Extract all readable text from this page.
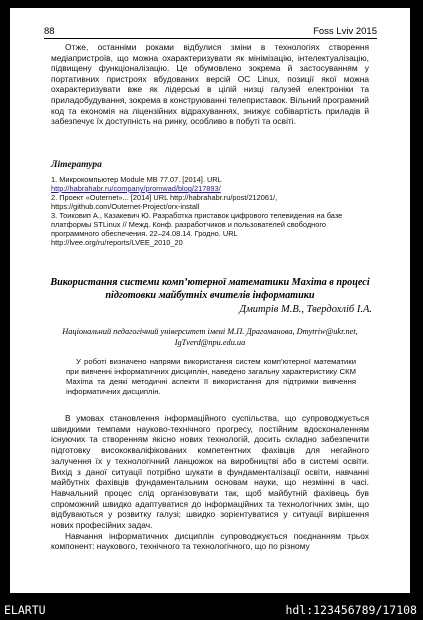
88	Foss Lviv 2015
Отже, останніми роками відбулися зміни в технологіях створення медіапристроїв, що можна охарактеризувати як мінімізацію, інтелектуалізацію, підвищену функціоналізацію. Це обумовлено зокрема й застосуванням у портативних пристроях вбудованих версій ОС Linux, позиції якої можна охарактеризувати вже як лідерські в цілій низці галузей електроніки та приладобудування, зокрема в конструюванні телеприставок. Вільний програмний код та економія на ліцензійних відрахуваннях, знижує собівартість приладів й забезпечує їх доступність на ринку, особливо в побуті та освіті.
Література
1. Микрокомпьютер Module MB 77.07. [2014]. URL http://habrahabr.ru/company/promwad/blog/217893/
2. Проект «Outernet»... [2014] URL http://habrahabr.ru/post/212061/, https://github.com/Outernet-Project/orx-install
3. Тоиковип А., Казакевич Ю. Разработка приставок цифрового телевидения на базе платформы STLinux // Межд. Конф. разработчиков и пользователей свободного программного обеспечения. 22–24.08.14. Гродно. URL http://lvee.org/ru/reports/LVEE_2010_20
Використання системи комп’ютерної математики Maxima в процесі підготовки майбутніх вчителів інформатики
Дмитрів М.В., Твердохліб І.А.
Національний педагогічний університет імені М.П. Драгоманова, Dmytriw@ukr.net, IgTverd@npu.edu.ua
У роботі визначено напрями використання систем комп’ютерної математики при вивченні інформатичних дисциплін, наведено загальну характеристику СКМ Maxima та деякі методичні аспекти її використання для підтримки вивчення інформатичних дисциплін.

В умовах становлення інформаційного суспільства, що супроводжується швидкими темпами науково-технічного прогресу, постійним вдосконаленням існуючих та створенням якісно нових технологій, досить складно забезпечити підготовку висококваліфікованих компетентних фахівців для негайного залучення їх у технологічний ланцюжок на виробництві або в системі освіти. Вихід з даної ситуації потрібно шукати в фундаменталізації освіти, навчанні майбутніх фахівців фундаментальним основам науки, що незмінні в часі. Навчальний процес слід організовувати так, щоб майбутній фахівець був спроможний швидко адаптуватися до інформаційних та технологічних змін, що відбуваються у розвитку галузі; швидко зорієнтуватися у ситуації вирішення нових професійних задач.

Навчання інформатичних дисциплін супроводжується поєднанням трьох компонент: наукового, технічного та технологічного, що по різному

ELARTU	hdl:123456789/17108
